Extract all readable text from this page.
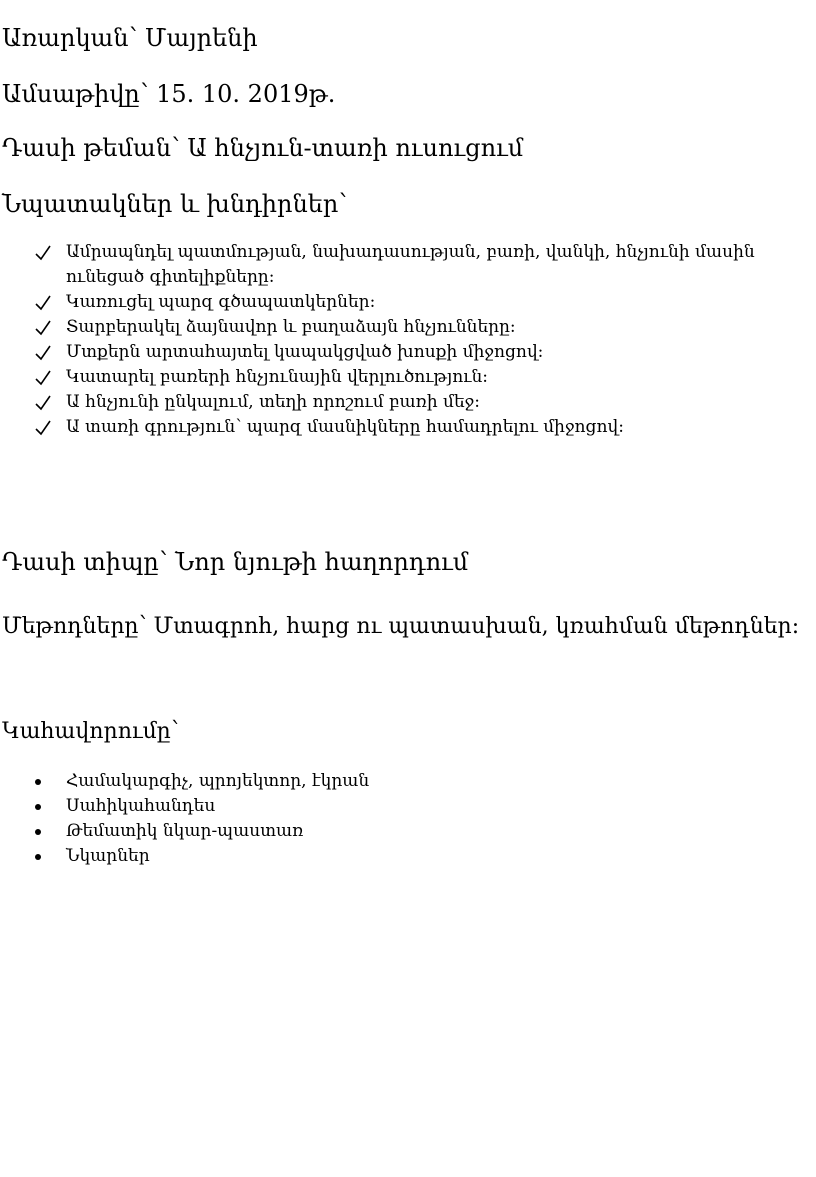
Առարկան՝ Մայրենի
Ամսաթիվը՝ 15. 10. 2019թ.
Դասի թեման՝ Ա հնչյուն-տառի ուսուցում
Նպատակներ և խնդիրներ՝
Ամրապնդել պատմության, նախադասության, բառի, վանկի, հնչյունի մասին ունեցած գիտելիքները:
Կառուցել պարզ գծապատկերներ:
Տարբերակել ձայնավոր և բաղաձայն հնչյունները:
Մտքերն արտահայտել կապակցված խոսքի միջոցով:
Կատարել բառերի հնչյունային վերլուծություն:
Ա հնչյունի ընկալում, տեղի որոշում բառի մեջ:
Ա տառի գրություն՝ պարզ մասնիկները համադրելու միջոցով:
Դասի տիպը՝ Նոր նյութի հաղորդում
Մեթոդները՝ Մտագրոհ, հարց ու պատասխան, կռահման մեթոդներ:
Կահավորումը՝
Համակարգիչ, պրոյեկտոր, էկրան
Սահիկահանդես
Թեմատիկ նկար-պաստառ
Նկարներ
